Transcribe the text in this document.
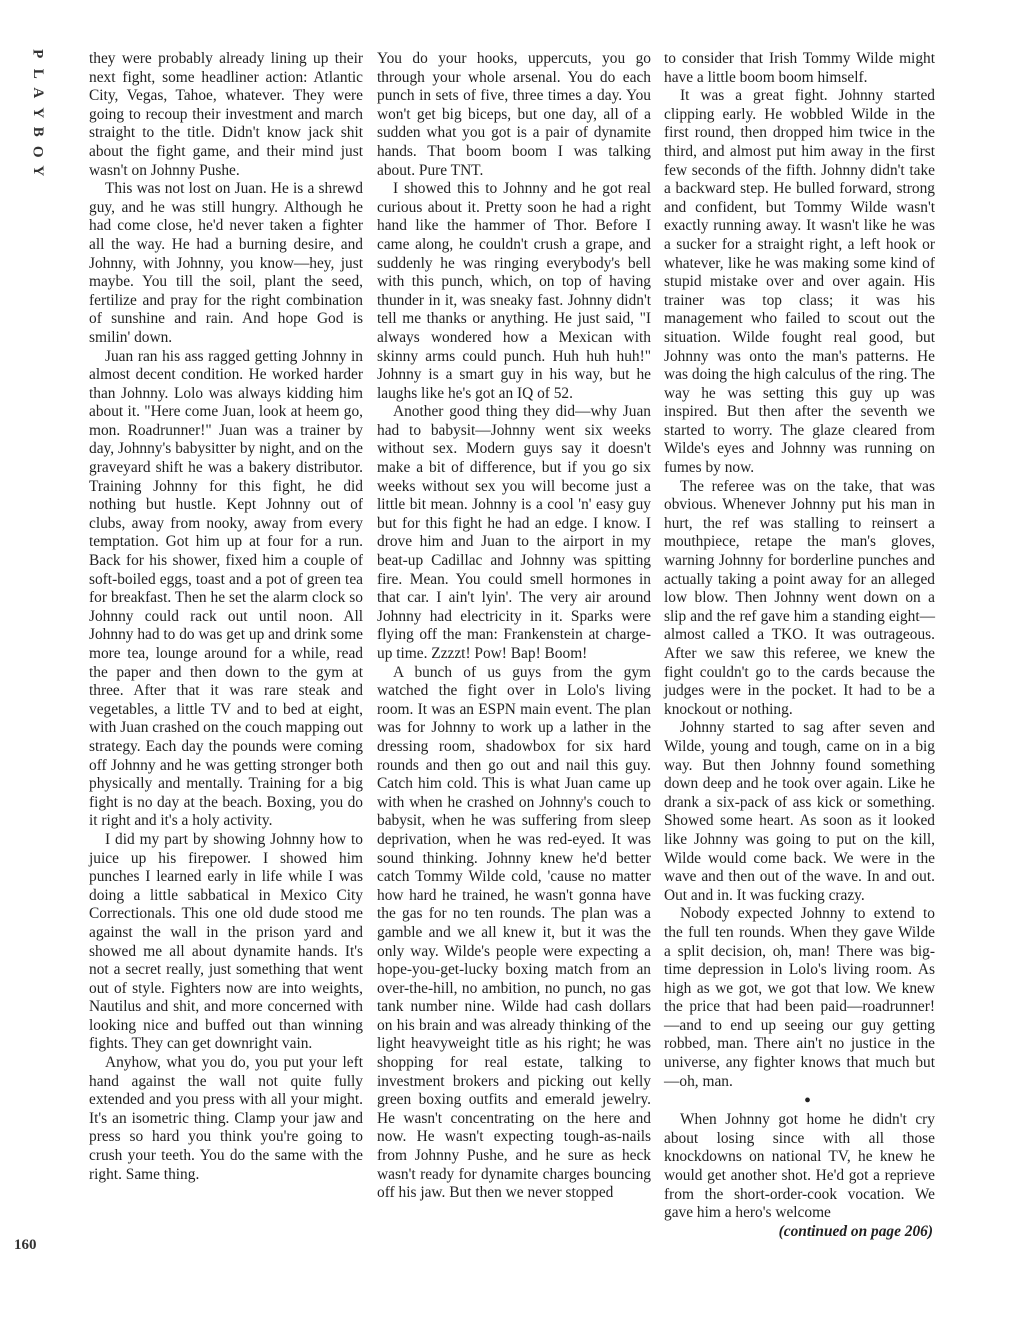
P
L
A
Y
B
O
Y

they were probably already lining up their next fight, some headliner action: Atlantic City, Vegas, Tahoe, whatever. They were going to recoup their investment and march straight to the title. Didn't know jack shit about the fight game, and their mind just wasn't on Johnny Pushe.

This was not lost on Juan. He is a shrewd guy, and he was still hungry. Although he had come close, he'd never taken a fighter all the way. He had a burning desire, and Johnny, with Johnny, you know—hey, just maybe. You till the soil, plant the seed, fertilize and pray for the right combination of sunshine and rain. And hope God is smilin' down.

Juan ran his ass ragged getting Johnny in almost decent condition. He worked harder than Johnny. Lolo was always kidding him about it. "Here come Juan, look at heem go, mon. Roadrunner!" Juan was a trainer by day, Johnny's babysitter by night, and on the graveyard shift he was a bakery distributor. Training Johnny for this fight, he did nothing but hustle. Kept Johnny out of clubs, away from nooky, away from every temptation. Got him up at four for a run. Back for his shower, fixed him a couple of soft-boiled eggs, toast and a pot of green tea for breakfast. Then he set the alarm clock so Johnny could rack out until noon. All Johnny had to do was get up and drink some more tea, lounge around for a while, read the paper and then down to the gym at three. After that it was rare steak and vegetables, a little TV and to bed at eight, with Juan crashed on the couch mapping out strategy. Each day the pounds were coming off Johnny and he was getting stronger both physically and mentally. Training for a big fight is no day at the beach. Boxing, you do it right and it's a holy activity.

I did my part by showing Johnny how to juice up his firepower. I showed him punches I learned early in life while I was doing a little sabbatical in Mexico City Correctionals. This one old dude stood me against the wall in the prison yard and showed me all about dynamite hands. It's not a secret really, just something that went out of style. Fighters now are into weights, Nautilus and shit, and more concerned with looking nice and buffed out than winning fights. They can get downright vain.

Anyhow, what you do, you put your left hand against the wall not quite fully extended and you press with all your might. It's an isometric thing. Clamp your jaw and press so hard you think you're going to crush your teeth. You do the same with the right. Same thing.

You do your hooks, uppercuts, you go through your whole arsenal. You do each punch in sets of five, three times a day. You won't get big biceps, but one day, all of a sudden what you got is a pair of dynamite hands. That boom boom I was talking about. Pure TNT.

I showed this to Johnny and he got real curious about it. Pretty soon he had a right hand like the hammer of Thor. Before I came along, he couldn't crush a grape, and suddenly he was ringing everybody's bell with this punch, which, on top of having thunder in it, was sneaky fast. Johnny didn't tell me thanks or anything. He just said, "I always wondered how a Mexican with skinny arms could punch. Huh huh huh!" Johnny is a smart guy in his way, but he laughs like he's got an IQ of 52.

Another good thing they did—why Juan had to babysit—Johnny went six weeks without sex. Modern guys say it doesn't make a bit of difference, but if you go six weeks without sex you will become just a little bit mean. Johnny is a cool 'n' easy guy but for this fight he had an edge. I know. I drove him and Juan to the airport in my beat-up Cadillac and Johnny was spitting fire. Mean. You could smell hormones in that car. I ain't lyin'. The very air around Johnny had electricity in it. Sparks were flying off the man: Frankenstein at charge-up time. Zzzzt! Pow! Bap! Boom!

A bunch of us guys from the gym watched the fight over in Lolo's living room. It was an ESPN main event. The plan was for Johnny to work up a lather in the dressing room, shadowbox for six hard rounds and then go out and nail this guy. Catch him cold. This is what Juan came up with when he crashed on Johnny's couch to babysit, when he was suffering from sleep deprivation, when he was red-eyed. It was sound thinking. Johnny knew he'd better catch Tommy Wilde cold, 'cause no matter how hard he trained, he wasn't gonna have the gas for no ten rounds. The plan was a gamble and we all knew it, but it was the only way. Wilde's people were expecting a hope-you-get-lucky boxing match from an over-the-hill, no ambition, no punch, no gas tank number nine. Wilde had cash dollars on his brain and was already thinking of the light heavyweight title as his right; he was shopping for real estate, talking to investment brokers and picking out kelly green boxing outfits and emerald jewelry. He wasn't concentrating on the here and now. He wasn't expecting tough-as-nails from Johnny Pushe, and he sure as heck wasn't ready for dynamite charges bouncing off his jaw. But then we never stopped

to consider that Irish Tommy Wilde might have a little boom boom himself.

It was a great fight. Johnny started clipping early. He wobbled Wilde in the first round, then dropped him twice in the third, and almost put him away in the first few seconds of the fifth. Johnny didn't take a backward step. He bulled forward, strong and confident, but Tommy Wilde wasn't exactly running away. It wasn't like he was a sucker for a straight right, a left hook or whatever, like he was making some kind of stupid mistake over and over again. His trainer was top class; it was his management who failed to scout out the situation. Wilde fought real good, but Johnny was onto the man's patterns. He was doing the high calculus of the ring. The way he was setting this guy up was inspired. But then after the seventh we started to worry. The glaze cleared from Wilde's eyes and Johnny was running on fumes by now.

The referee was on the take, that was obvious. Whenever Johnny put his man in hurt, the ref was stalling to reinsert a mouthpiece, retape the man's gloves, warning Johnny for borderline punches and actually taking a point away for an alleged low blow. Then Johnny went down on a slip and the ref gave him a standing eight—almost called a TKO. It was outrageous. After we saw this referee, we knew the fight couldn't go to the cards because the judges were in the pocket. It had to be a knockout or nothing.

Johnny started to sag after seven and Wilde, young and tough, came on in a big way. But then Johnny found something down deep and he took over again. Like he drank a six-pack of ass kick or something. Showed some heart. As soon as it looked like Johnny was going to put on the kill, Wilde would come back. We were in the wave and then out of the wave. In and out. Out and in. It was fucking crazy.

Nobody expected Johnny to extend to the full ten rounds. When they gave Wilde a split decision, oh, man! There was big-time depression in Lolo's living room. As high as we got, we got that low. We knew the price that had been paid—roadrunner!—and to end up seeing our guy getting robbed, man. There ain't no justice in the universe, any fighter knows that much but—oh, man.

•

When Johnny got home he didn't cry about losing since with all those knockdowns on national TV, he knew he would get another shot. He'd got a reprieve from the short-order-cook vocation. We gave him a hero's welcome

(continued on page 206)

160
